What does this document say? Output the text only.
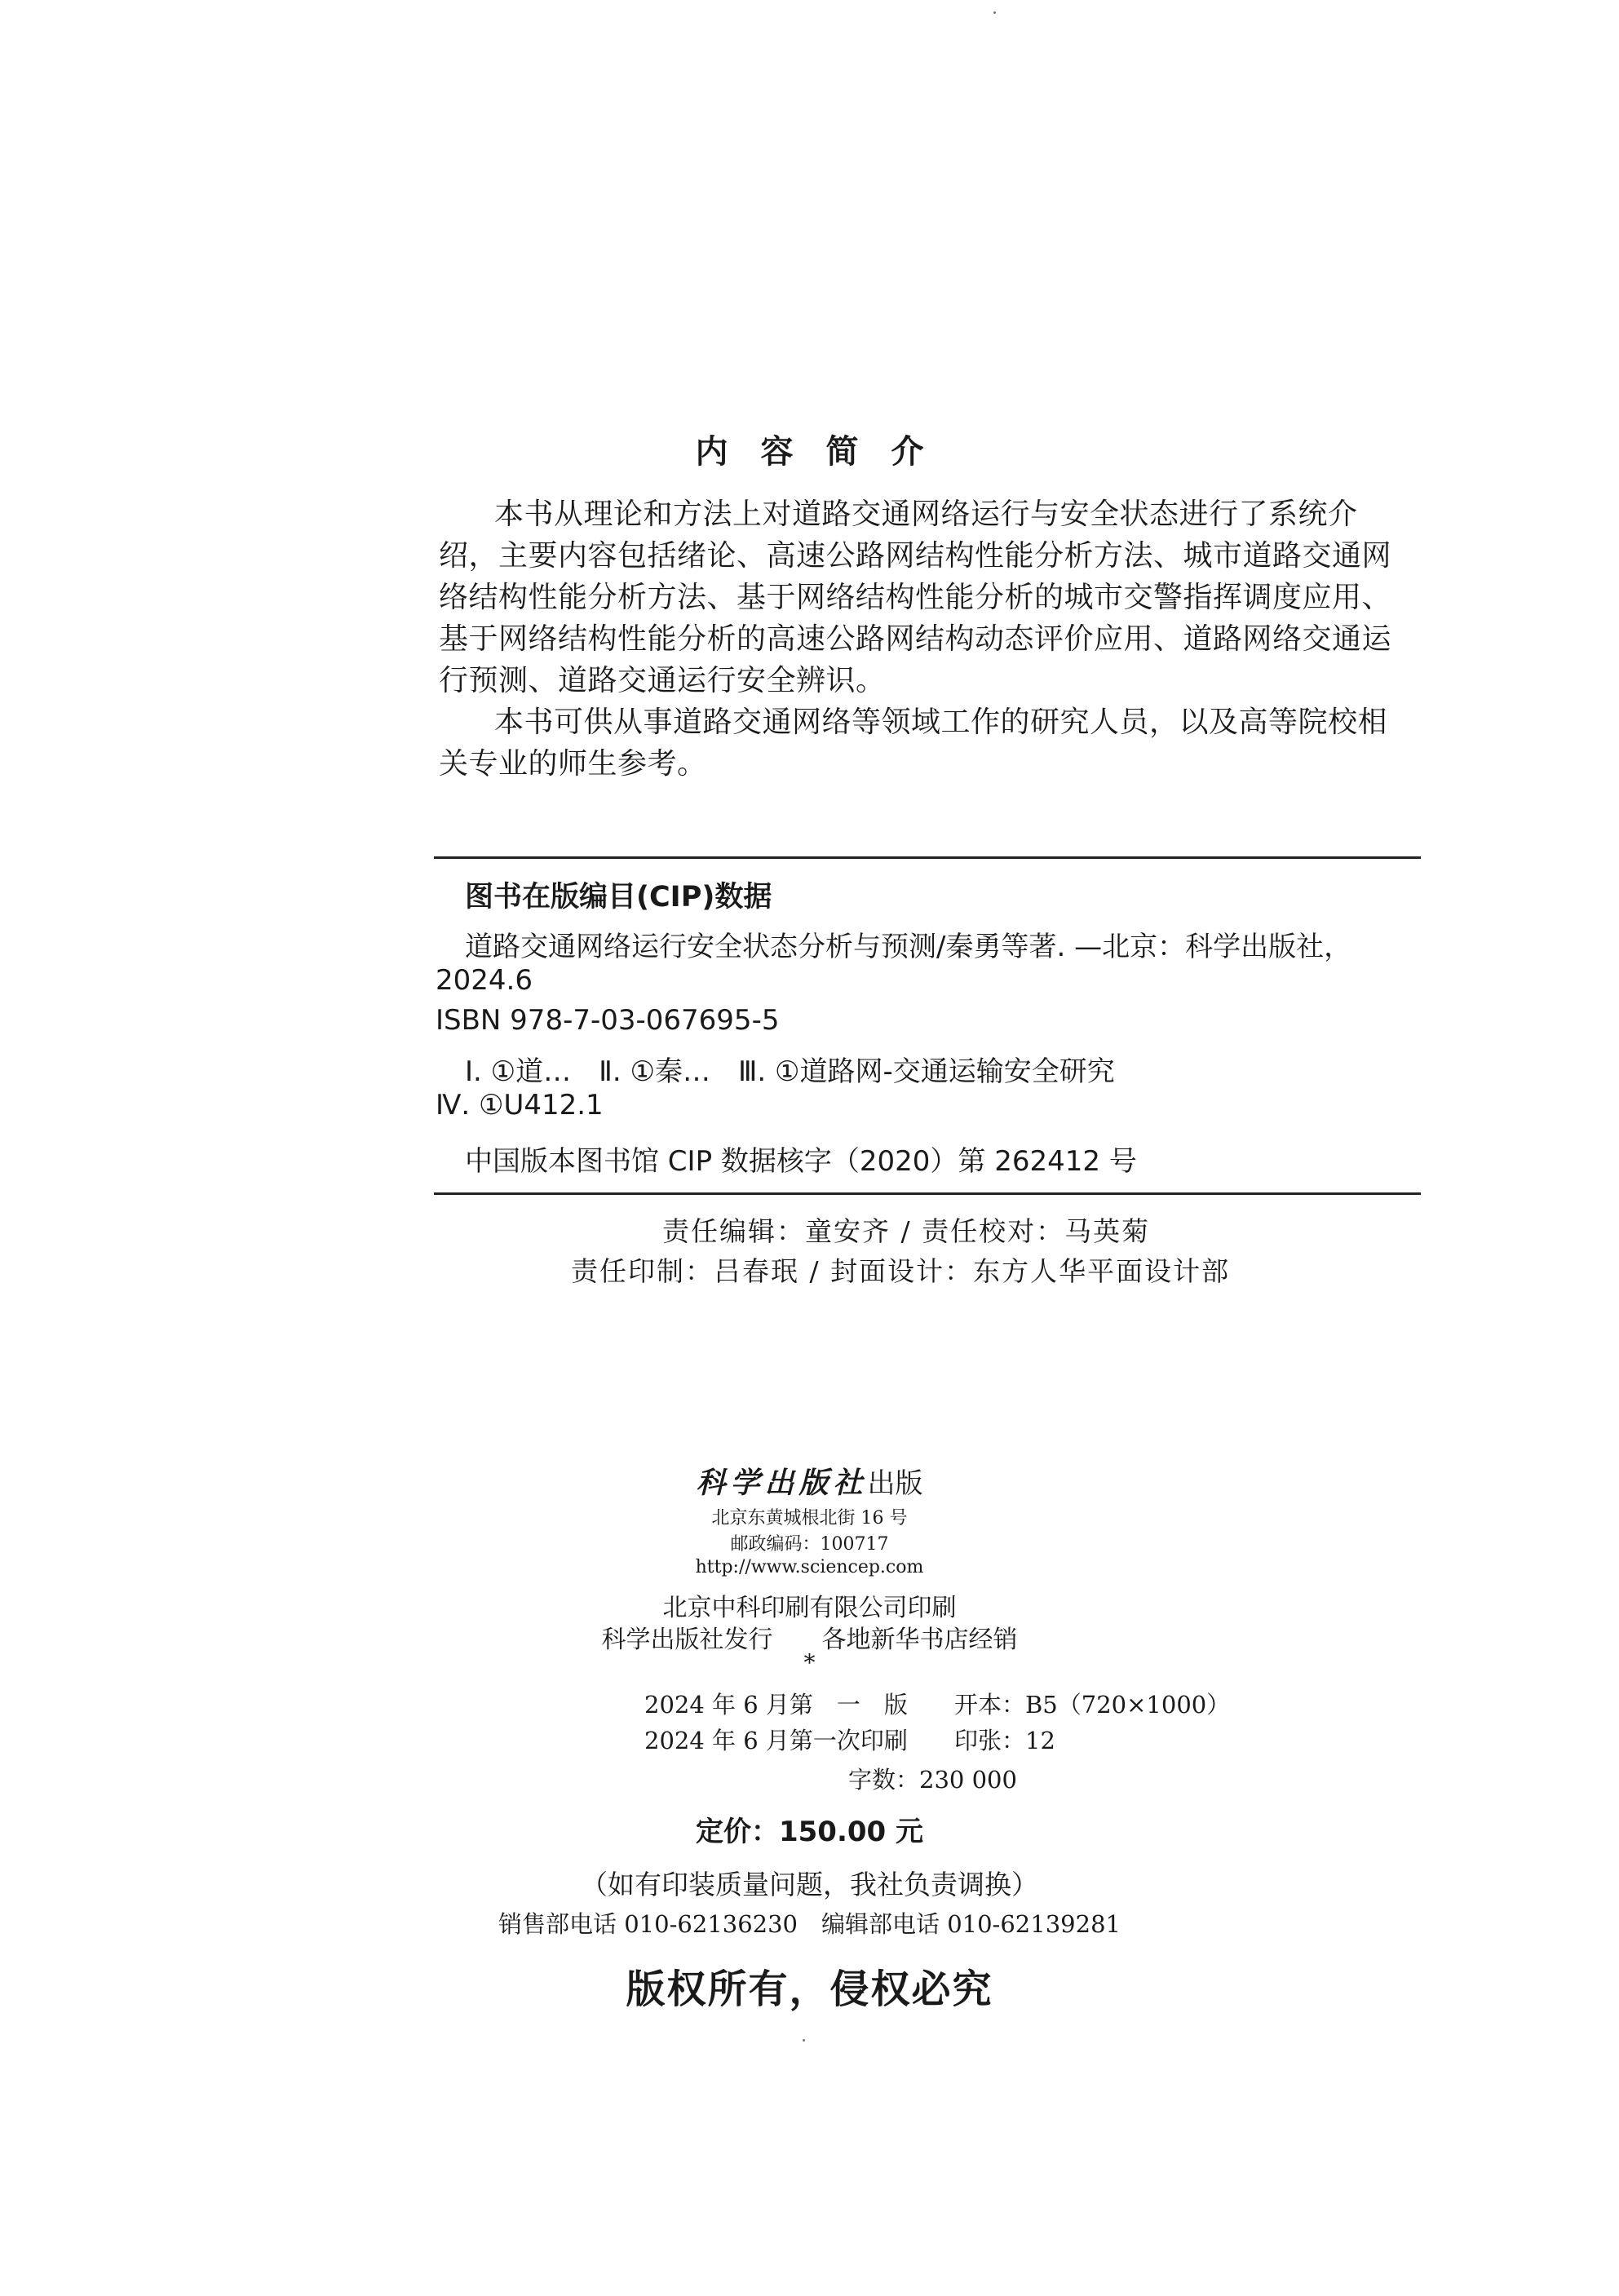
内容简介
本书从理论和方法上对道路交通网络运行与安全状态进行了系统介
绍，主要内容包括绪论、高速公路网结构性能分析方法、城市道路交通网
络结构性能分析方法、基于网络结构性能分析的城市交警指挥调度应用、
基于网络结构性能分析的高速公路网结构动态评价应用、道路网络交通运
行预测、道路交通运行安全辨识。
本书可供从事道路交通网络等领域工作的研究人员，以及高等院校相
关专业的师生参考。
图书在版编目(CIP)数据
道路交通网络运行安全状态分析与预测/秦勇等著. —北京：科学出版社，
2024.6
ISBN 978-7-03-067695-5
Ⅰ. ①道…　Ⅱ. ①秦…　Ⅲ. ①道路网-交通运输安全研究
Ⅳ. ①U412.1
中国版本图书馆 CIP 数据核字（2020）第 262412 号
责任编辑：童安齐 / 责任校对：马英菊
责任印制：吕春珉 / 封面设计：东方人华平面设计部
科学出版社出版
北京东黄城根北街 16 号
邮政编码：100717
http://www.sciencep.com
北京中科印刷有限公司印刷
科学出版社发行　　各地新华书店经销
*
2024 年 6 月第　一　版 开本：B5（720×1000）
2024 年 6 月第一次印刷 印张：12
字数：230 000
定价：150.00 元
（如有印装质量问题，我社负责调换）
销售部电话 010-62136230　编辑部电话 010-62139281
版权所有，侵权必究
